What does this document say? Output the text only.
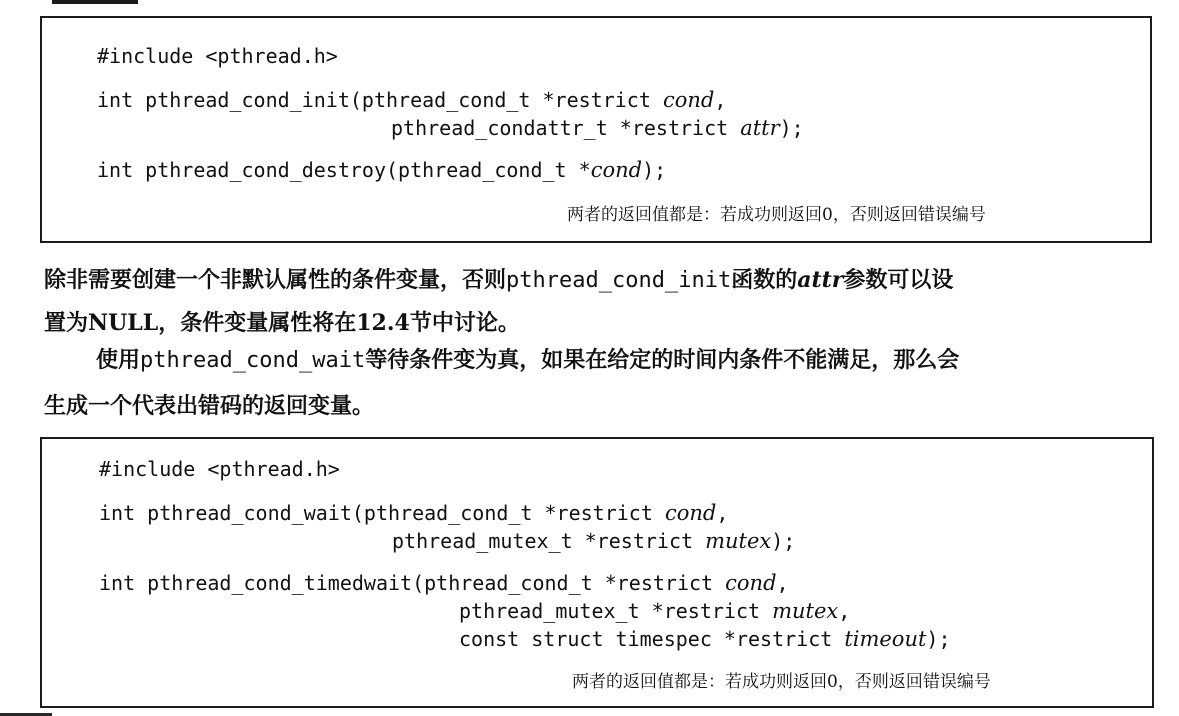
#include <pthread.h>
int pthread_cond_init(pthread_cond_t *restrict cond,
pthread_condattr_t *restrict attr);
int pthread_cond_destroy(pthread_cond_t *cond);
两者的返回值都是：若成功则返回0，否则返回错误编号
除非需要创建一个非默认属性的条件变量，否则pthread_cond_init函数的attr参数可以设
置为NULL，条件变量属性将在12.4节中讨论。
使用pthread_cond_wait等待条件变为真，如果在给定的时间内条件不能满足，那么会
生成一个代表出错码的返回变量。
#include <pthread.h>
int pthread_cond_wait(pthread_cond_t *restrict cond,
pthread_mutex_t *restrict mutex);
int pthread_cond_timedwait(pthread_cond_t *restrict cond,
pthread_mutex_t *restrict mutex,
const struct timespec *restrict timeout);
两者的返回值都是：若成功则返回0，否则返回错误编号
